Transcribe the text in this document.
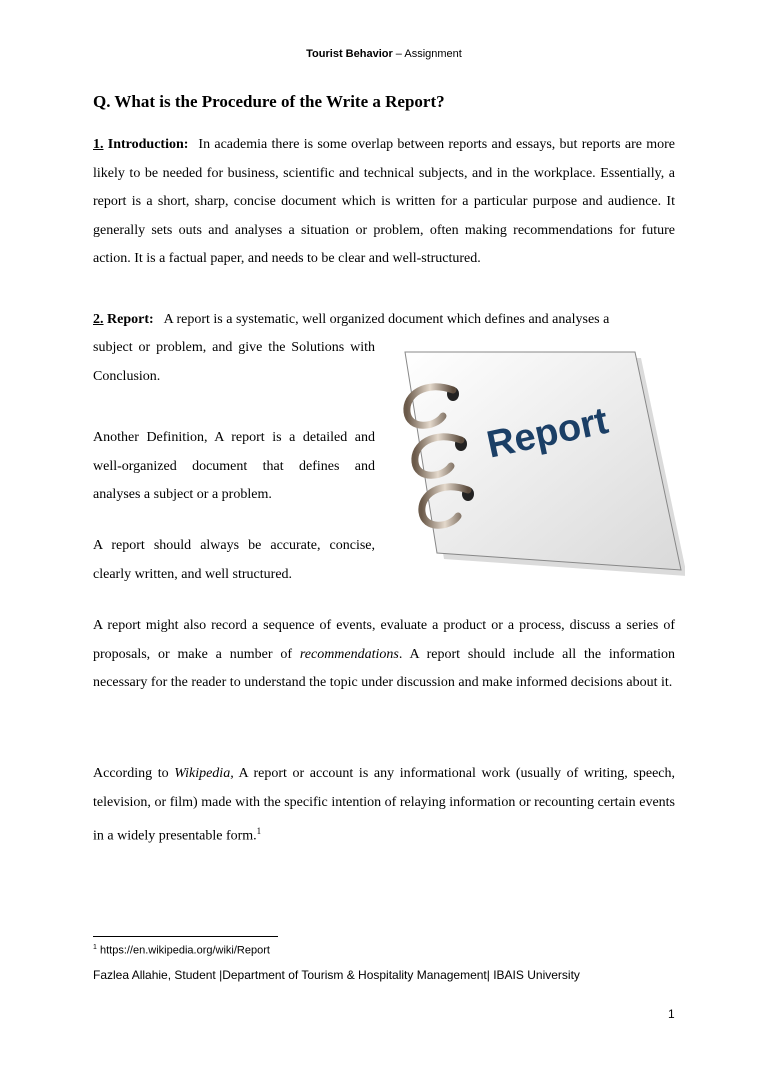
Tourist Behavior – Assignment
Q. What is the Procedure of the Write a Report?

1. Introduction: In academia there is some overlap between reports and essays, but reports are more likely to be needed for business, scientific and technical subjects, and in the workplace. Essentially, a report is a short, sharp, concise document which is written for a particular purpose and audience. It generally sets outs and analyses a situation or problem, often making recommendations for future action. It is a factual paper, and needs to be clear and well-structured.

2. Report: A report is a systematic, well organized document which defines and analyses a

subject or problem, and give the Solutions with Conclusion.

Another Definition, A report is a detailed and well-organized document that defines and analyses a subject or a problem.

A report should always be accurate, concise, clearly written, and well structured.

A report might also record a sequence of events, evaluate a product or a process, discuss a series of proposals, or make a number of recommendations. A report should include all the information necessary for the reader to understand the topic under discussion and make informed decisions about it.

According to Wikipedia, A report or account is any informational work (usually of writing, speech, television, or film) made with the specific intention of relaying information or recounting certain events in a widely presentable form.$^1$

Report
$^1$ https://en.wikipedia.org/wiki/Report
Fazlea Allahie, Student |Department of Tourism & Hospitality Management| IBAIS University
1
